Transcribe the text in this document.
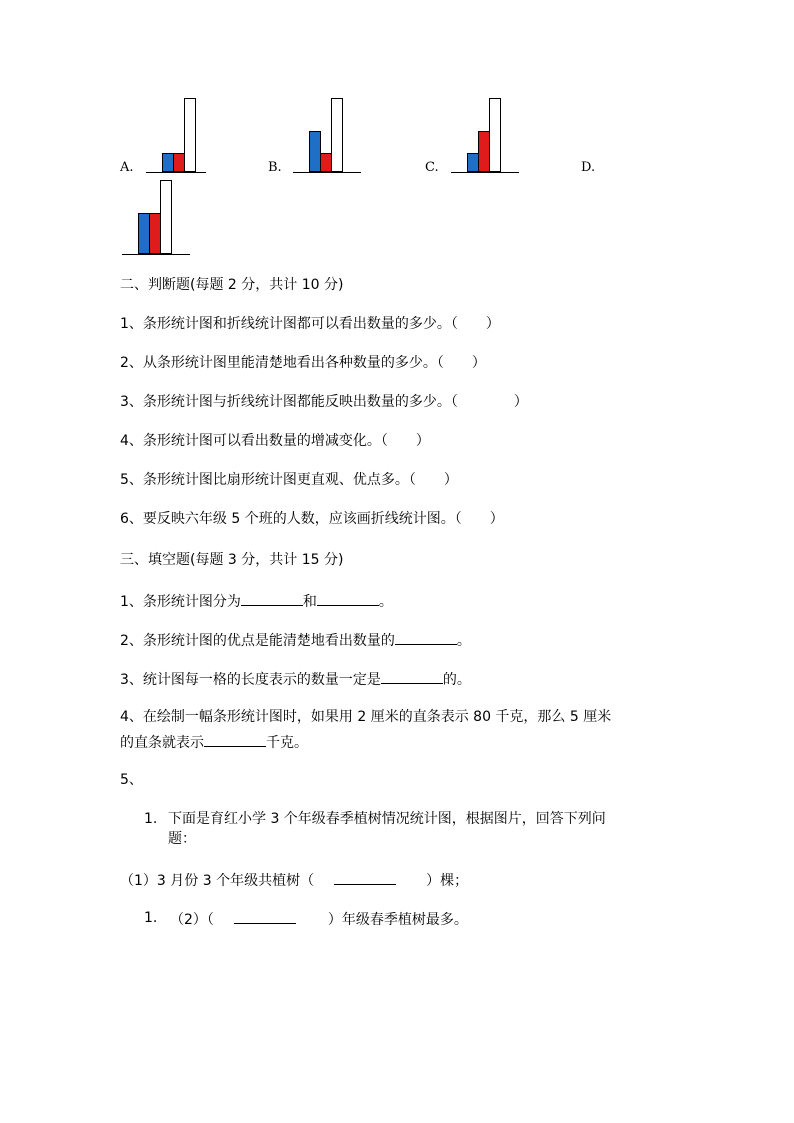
A.	B.	C.	D.
二、判断题(每题 2 分，共计 10 分)
1、条形统计图和折线统计图都可以看出数量的多少。（　　）
2、从条形统计图里能清楚地看出各种数量的多少。（　　）
3、条形统计图与折线统计图都能反映出数量的多少。（　　　　）
4、条形统计图可以看出数量的增减变化。（　　）
5、条形统计图比扇形统计图更直观、优点多。（　　）
6、要反映六年级 5 个班的人数，应该画折线统计图。（　　）
三、填空题(每题 3 分，共计 15 分)
1、条形统计图分为	和	。
2、条形统计图的优点是能清楚地看出数量的	。
3、统计图每一格的长度表示的数量一定是	的。
4、在绘制一幅条形统计图时，如果用 2 厘米的直条表示 80 千克，那么 5 厘米
的直条就表示	千克。
5、
1. 下面是育红小学 3 个年级春季植树情况统计图，根据图片，回答下列问
题：
（1）3 月份 3 个年级共植树（	）棵；
1. （2）（	）年级春季植树最多。
